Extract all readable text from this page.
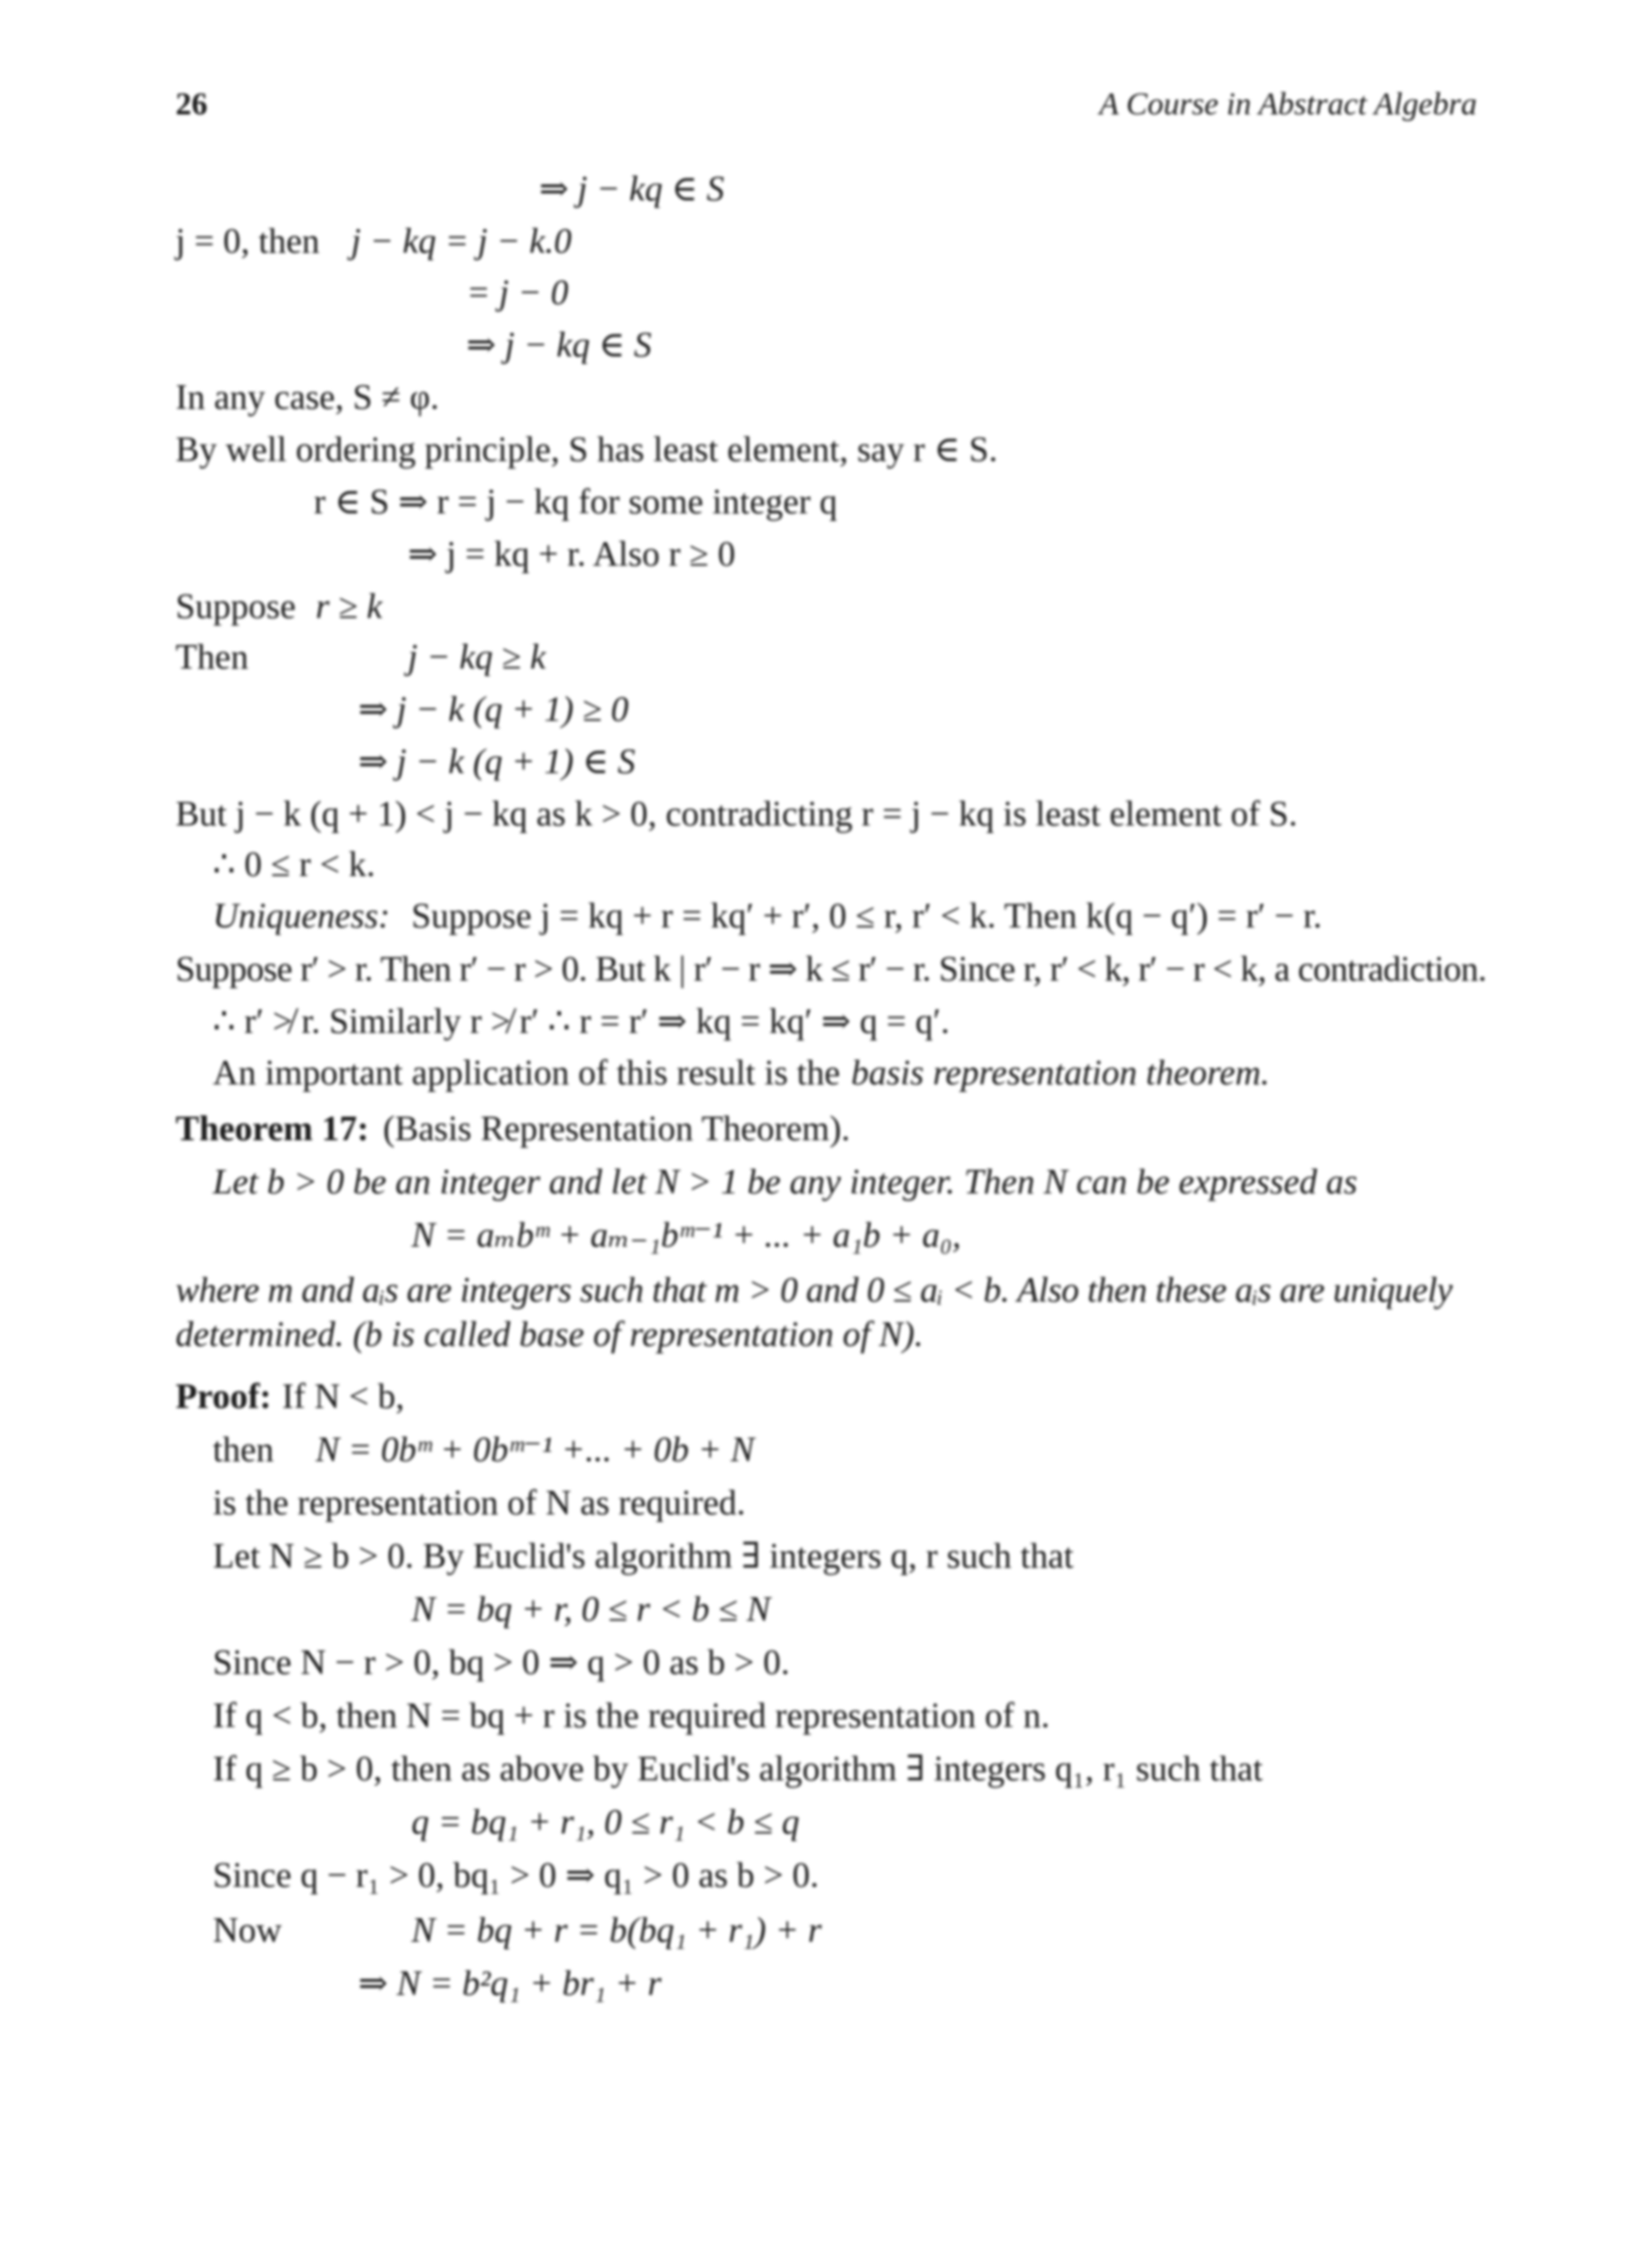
26	A Course in Abstract Algebra
⇒ j − kq ∈ S
j = 0, then j − kq = j − k.0
= j − 0
⇒ j − kq ∈ S
In any case, S ≠ φ.
By well ordering principle, S has least element, say r ∈ S.
r ∈ S ⇒ r = j − kq for some integer q
⇒ j = kq + r. Also r ≥ 0
Suppose r ≥ k
Then	j − kq ≥ k
⇒ j − k (q + 1) ≥ 0
⇒ j − k (q + 1) ∈ S
But j − k (q + 1) < j − kq as k > 0, contradicting r = j − kq is least element of S.
∴ 0 ≤ r < k.
Uniqueness: Suppose j = kq + r = kq′ + r′, 0 ≤ r, r′ < k. Then k(q − q′) = r′ − r.
Suppose r′ > r. Then r′ − r > 0. But k | r′ − r ⇒ k ≤ r′ − r. Since r, r′ < k, r′ − r < k, a contradiction.
∴ r′ ≯ r. Similarly r ≯ r′ ∴ r = r′ ⇒ kq = kq′ ⇒ q = q′.
An important application of this result is the basis representation theorem.
Theorem 17: (Basis Representation Theorem).
Let b > 0 be an integer and let N > 1 be any integer. Then N can be expressed as
N = aₘbᵐ + aₘ₋₁bᵐ⁻¹ + ... + a₁b + a₀,
where m and aᵢs are integers such that m > 0 and 0 ≤ aᵢ < b. Also then these aᵢs are uniquely
determined. (b is called base of representation of N).
Proof: If N < b,
then N = 0bᵐ + 0bᵐ⁻¹ +... + 0b + N
is the representation of N as required.
Let N ≥ b > 0. By Euclid's algorithm ∃ integers q, r such that
N = bq + r, 0 ≤ r < b ≤ N
Since N − r > 0, bq > 0 ⇒ q > 0 as b > 0.
If q < b, then N = bq + r is the required representation of n.
If q ≥ b > 0, then as above by Euclid's algorithm ∃ integers q₁, r₁ such that
q = bq₁ + r₁, 0 ≤ r₁ < b ≤ q
Since q − r₁ > 0, bq₁ > 0 ⇒ q₁ > 0 as b > 0.
Now	N = bq + r = b(bq₁ + r₁) + r
⇒ N = b²q₁ + br₁ + r
